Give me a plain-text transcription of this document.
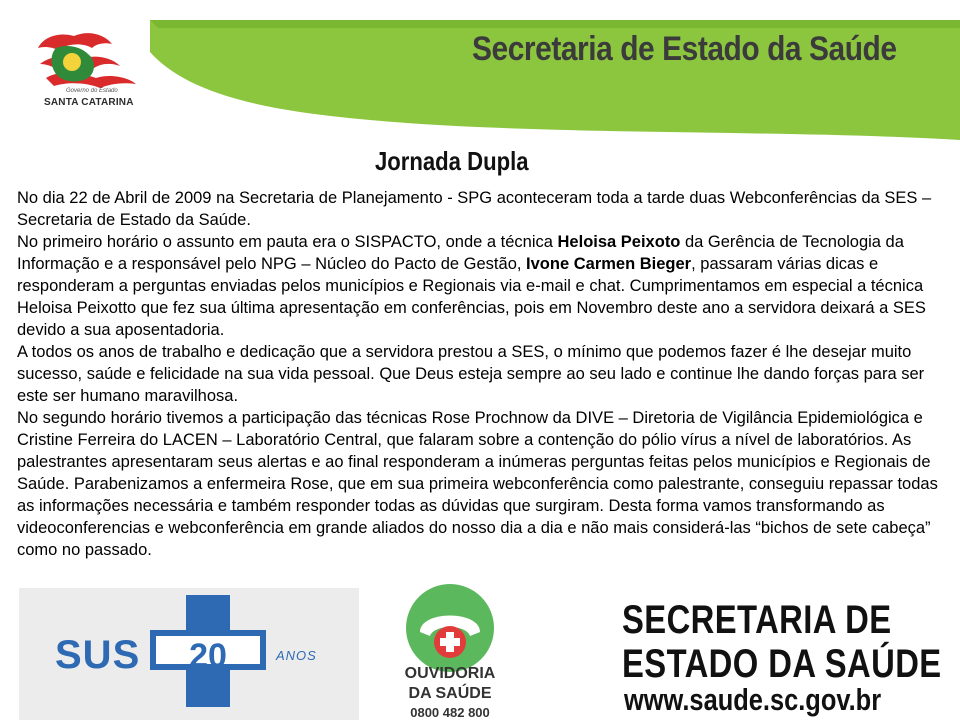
Governo do Estado
SANTA CATARINA
Secretaria de Estado da Saúde
Jornada Dupla

No dia 22 de Abril de 2009 na Secretaria de Planejamento - SPG aconteceram toda a tarde duas Webconferências da SES – Secretaria de Estado da Saúde.

No primeiro horário o assunto em pauta era o SISPACTO, onde a técnica Heloisa Peixoto da Gerência de Tecnologia da Informação e a responsável pelo NPG – Núcleo do Pacto de Gestão, Ivone Carmen Bieger, passaram várias dicas e responderam a perguntas enviadas pelos municípios e Regionais via e-mail e chat. Cumprimentamos em especial a técnica Heloisa Peixotto que fez sua última apresentação em conferências, pois em Novembro deste ano a servidora deixará a SES devido a sua aposentadoria.

A todos os anos de trabalho e dedicação que a servidora prestou a SES, o mínimo que podemos fazer é lhe desejar muito sucesso, saúde e felicidade na sua vida pessoal. Que Deus esteja sempre ao seu lado e continue lhe dando forças para ser este ser humano maravilhosa.

No segundo horário tivemos a participação das técnicas Rose Prochnow da DIVE – Diretoria de Vigilância Epidemiológica e Cristine Ferreira do LACEN – Laboratório Central, que falaram sobre a contenção do pólio vírus a nível de laboratórios. As palestrantes apresentaram seus alertas e ao final responderam a inúmeras perguntas feitas pelos municípios e Regionais de Saúde. Parabenizamos a enfermeira Rose, que em sua primeira webconferência como palestrante, conseguiu repassar todas as informações necessária e também responder todas as dúvidas que surgiram. Desta forma vamos transformando as videoconferencias e webconferência em grande aliados do nosso dia a dia e não mais considerá-las “bichos de sete cabeça” como no passado.

SUS	20	ANOS
OUVIDORIA
DA SAÚDE
0800 482 800
SECRETARIA DE
ESTADO DA SAÚDE
www.saude.sc.gov.br
